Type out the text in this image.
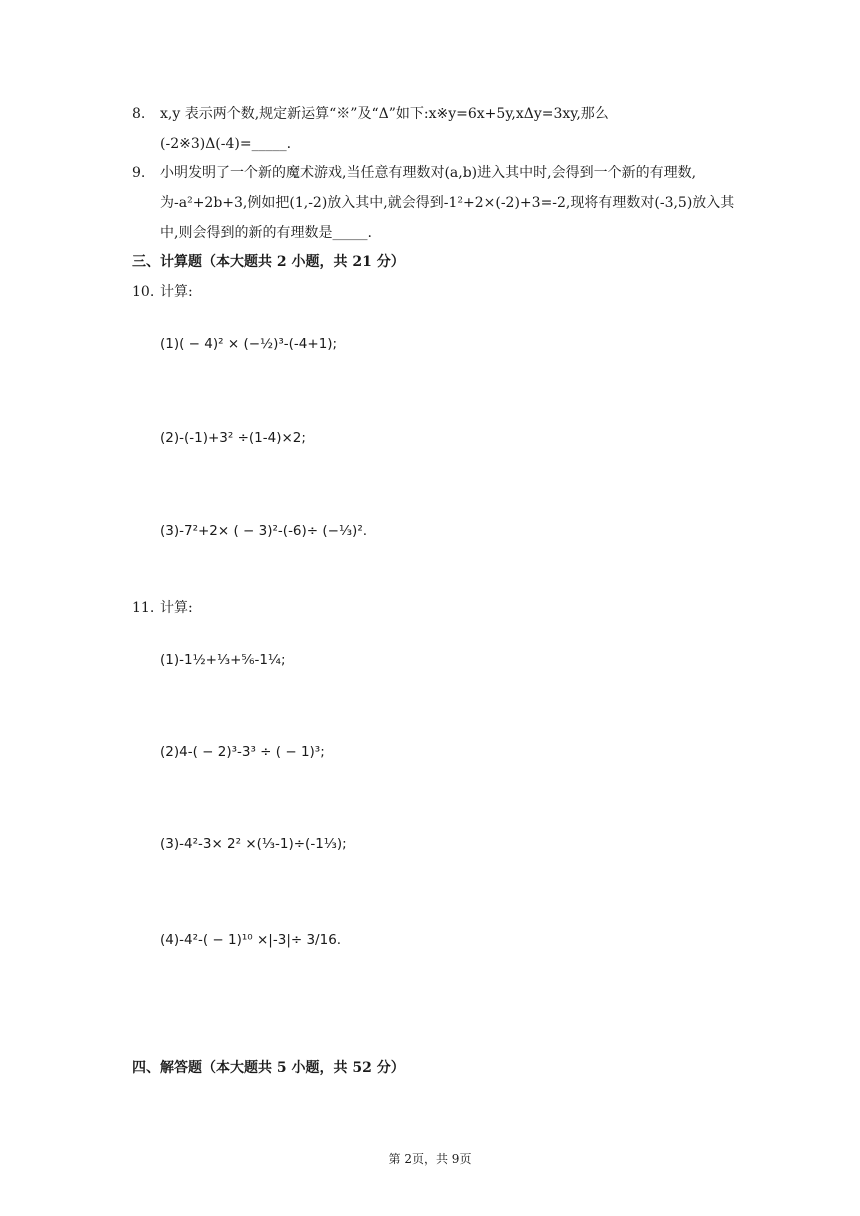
8. x,y 表示两个数,规定新运算“※”及“Δ”如下:x※y=6x+5y,xΔy=3xy,那么
(-2※3)Δ(-4)=_____.
9. 小明发明了一个新的魔术游戏,当任意有理数对(a,b)进入其中时,会得到一个新的有理数,
为-a²+2b+3,例如把(1,-2)放入其中,就会得到-1²+2×(-2)+3=-2,现将有理数对(-3,5)放入其
中,则会得到的新的有理数是_____.
三、计算题（本大题共 2 小题，共 21 分）
10. 计算:
(1)( − 4)² × (−½)³-(-4+1);
(2)-(-1)+3² ÷(1-4)×2;
(3)-7²+2× ( − 3)²-(-6)÷ (−⅓)².
11. 计算:
(1)-1½+⅓+⅚-1¼;
(2)4-( − 2)³-3³ ÷ ( − 1)³;
(3)-4²-3× 2² ×(⅓-1)÷(-1⅓);
(4)-4²-( − 1)¹⁰ ×|-3|÷ 3/16.
四、解答题（本大题共 5 小题，共 52 分）
第 2页，共 9页
